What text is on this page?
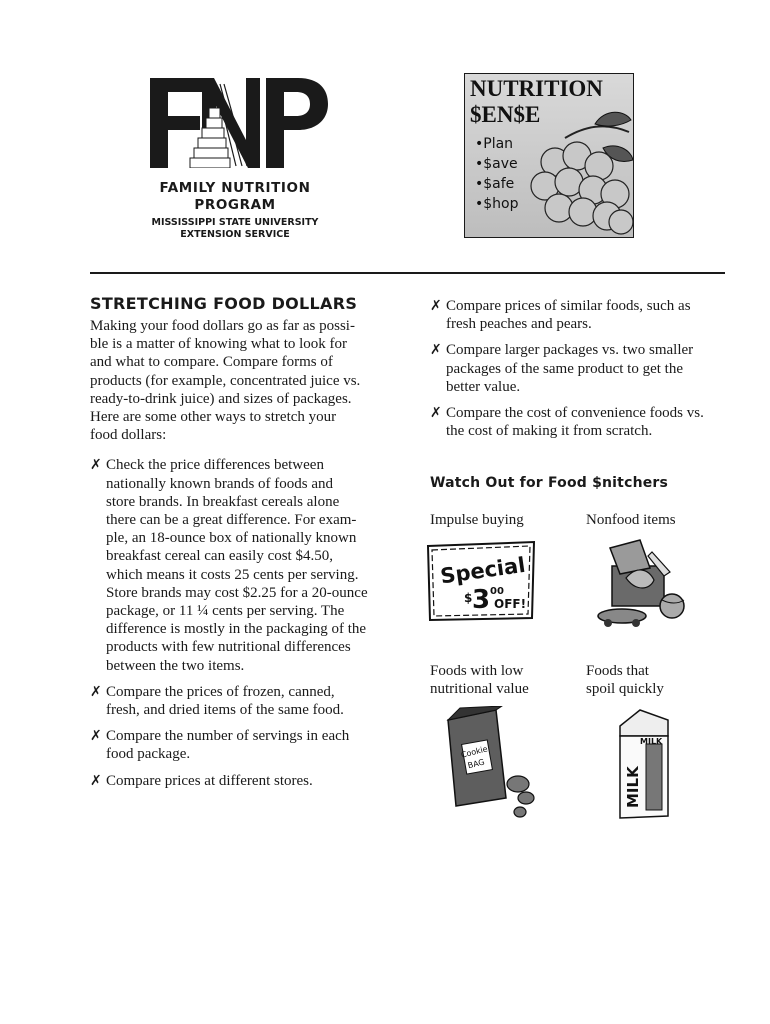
FAMILY NUTRITION
PROGRAM
MISSISSIPPI STATE UNIVERSITY
EXTENSION SERVICE
NUTRITION
$EN$E
•Plan
•$ave
•$afe
•$hop
STRETCHING FOOD DOLLARS
Making your food dollars go as far as possi-
ble is a matter of knowing what to look for
and what to compare. Compare forms of
products (for example, concentrated juice vs.
ready-to-drink juice) and sizes of packages.
Here are some other ways to stretch your
food dollars:
✗ Check the price differences between
nationally known brands of foods and
store brands. In breakfast cereals alone
there can be a great difference. For exam-
ple, an 18-ounce box of nationally known
breakfast cereal can easily cost $4.50,
which means it costs 25 cents per serving.
Store brands may cost $2.25 for a 20-ounce
package, or 11 ¼ cents per serving. The
difference is mostly in the packaging of the
products with few nutritional differences
between the two items.
✗ Compare the prices of frozen, canned,
fresh, and dried items of the same food.
✗ Compare the number of servings in each
food package.
✗ Compare prices at different stores.
✗ Compare prices of similar foods, such as
fresh peaches and pears.
✗ Compare larger packages vs. two smaller
packages of the same product to get the
better value.
✗ Compare the cost of convenience foods vs.
the cost of making it from scratch.
Watch Out for Food $nitchers
Impulse buying	Nonfood items
Foods with low
nutritional value
Foods that
spoil quickly
Special
$ 3 00
OFF!
Cookie
BAG
MILK
MILK
